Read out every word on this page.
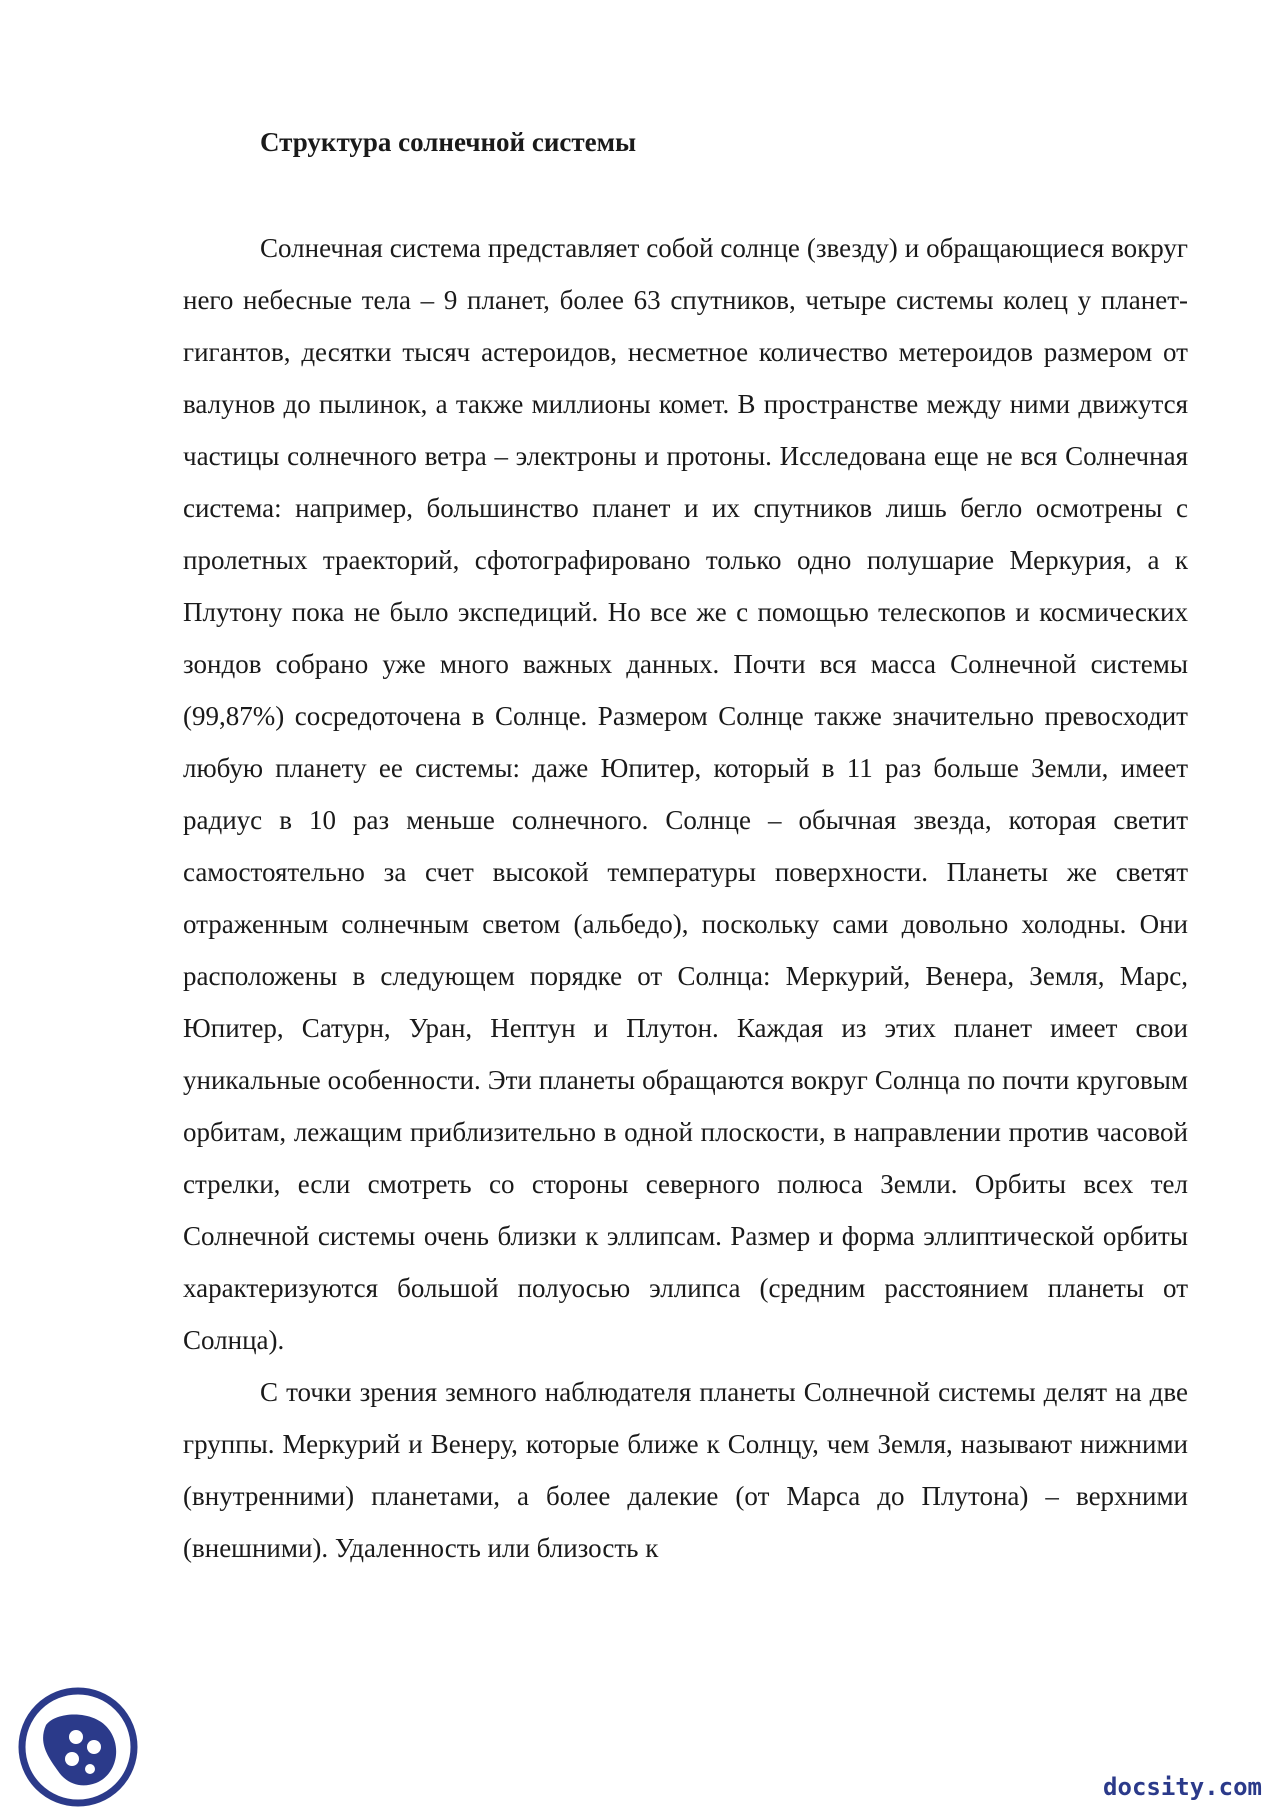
Структура солнечной системы

Солнечная система представляет собой солнце (звезду) и обращающиеся вокруг него небесные тела – 9 планет, более 63 спутников, четыре системы колец у планет-гигантов, десятки тысяч астероидов, несметное количество метероидов размером от валунов до пылинок, а также миллионы комет. В пространстве между ними движутся частицы солнечного ветра – электроны и протоны. Исследована еще не вся Солнечная система: например, большинство планет и их спутников лишь бегло осмотрены с пролетных траекторий, сфотографировано только одно полушарие Меркурия, а к Плутону пока не было экспедиций. Но все же с помощью телескопов и космических зондов собрано уже много важных данных. Почти вся масса Солнечной системы (99,87%) сосредоточена в Солнце. Размером Солнце также значительно превосходит любую планету ее системы: даже Юпитер, который в 11 раз больше Земли, имеет радиус в 10 раз меньше солнечного. Солнце – обычная звезда, которая светит самостоятельно за счет высокой температуры поверхности. Планеты же светят отраженным солнечным светом (альбедо), поскольку сами довольно холодны. Они расположены в следующем порядке от Солнца: Меркурий, Венера, Земля, Марс, Юпитер, Сатурн, Уран, Нептун и Плутон. Каждая из этих планет имеет свои уникальные особенности. Эти планеты обращаются вокруг Солнца по почти круговым орбитам, лежащим приблизительно в одной плоскости, в направлении против часовой стрелки, если смотреть со стороны северного полюса Земли. Орбиты всех тел Солнечной системы очень близки к эллипсам. Размер и форма эллиптической орбиты характеризуются большой полуосью эллипса (средним расстоянием планеты от Солнца).

С точки зрения земного наблюдателя планеты Солнечной системы делят на две группы. Меркурий и Венеру, которые ближе к Солнцу, чем Земля, называют нижними (внутренними) планетами, а более далекие (от Марса до Плутона) – верхними (внешними). Удаленность или близость к

docsity.com
